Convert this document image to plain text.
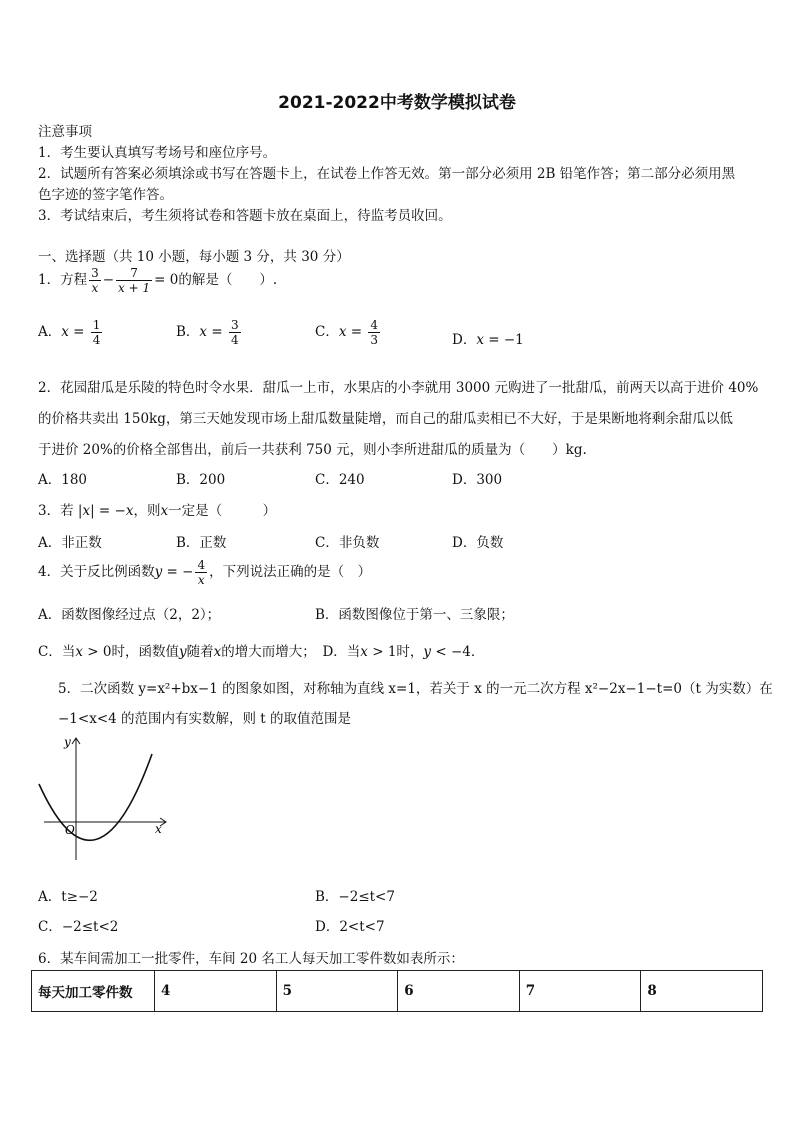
2021-2022中考数学模拟试卷
注意事项
1．考生要认真填写考场号和座位序号。
2．试题所有答案必须填涂或书写在答题卡上，在试卷上作答无效。第一部分必须用 2B 铅笔作答；第二部分必须用黑
色字迹的签字笔作答。
3．考试结束后，考生须将试卷和答题卡放在桌面上，待监考员收回。
一、选择题（共 10 小题，每小题 3 分，共 30 分）
1．方程 $\frac{3}{x} - \frac{7}{x + 1} = 0$的解是（　　）.
A．$x = \frac{1}{4}$	B．$x = \frac{3}{4}$	C．$x = \frac{4}{3}$	D．x = −1
2．花园甜瓜是乐陵的特色时令水果．甜瓜一上市，水果店的小李就用 3000 元购进了一批甜瓜，前两天以高于进价 40%
的价格共卖出 150kg，第三天她发现市场上甜瓜数量陡增，而自己的甜瓜卖相已不大好，于是果断地将剩余甜瓜以低
于进价 20%的价格全部售出，前后一共获利 750 元，则小李所进甜瓜的质量为（　　）kg.
A．180	B．200	C．240	D．300
3．若 |x| = −x，则x一定是（　　　）
A．非正数	B．正数	C．非负数	D．负数
4．关于反比例函数y = − $\frac{4}{x}$ ，下列说法正确的是（　）
A．函数图像经过点（2，2）；	B．函数图像位于第一、三象限；
C．当x > 0时，函数值y随着x的增大而增大；　D．当x > 1时，y < −4．
5．二次函数 y=x²+bx−1 的图象如图，对称轴为直线 x=1，若关于 x 的一元二次方程 x²−2x−1−t=0（t 为实数）在
−1<x<4 的范围内有实数解，则 t 的取值范围是
y
x
O
A．t≥−2	B．−2≤t<7
C．−2≤t<2	D．2<t<7
6．某车间需加工一批零件，车间 20 名工人每天加工零件数如表所示：
每天加工零件数	4	5	6	7	8
